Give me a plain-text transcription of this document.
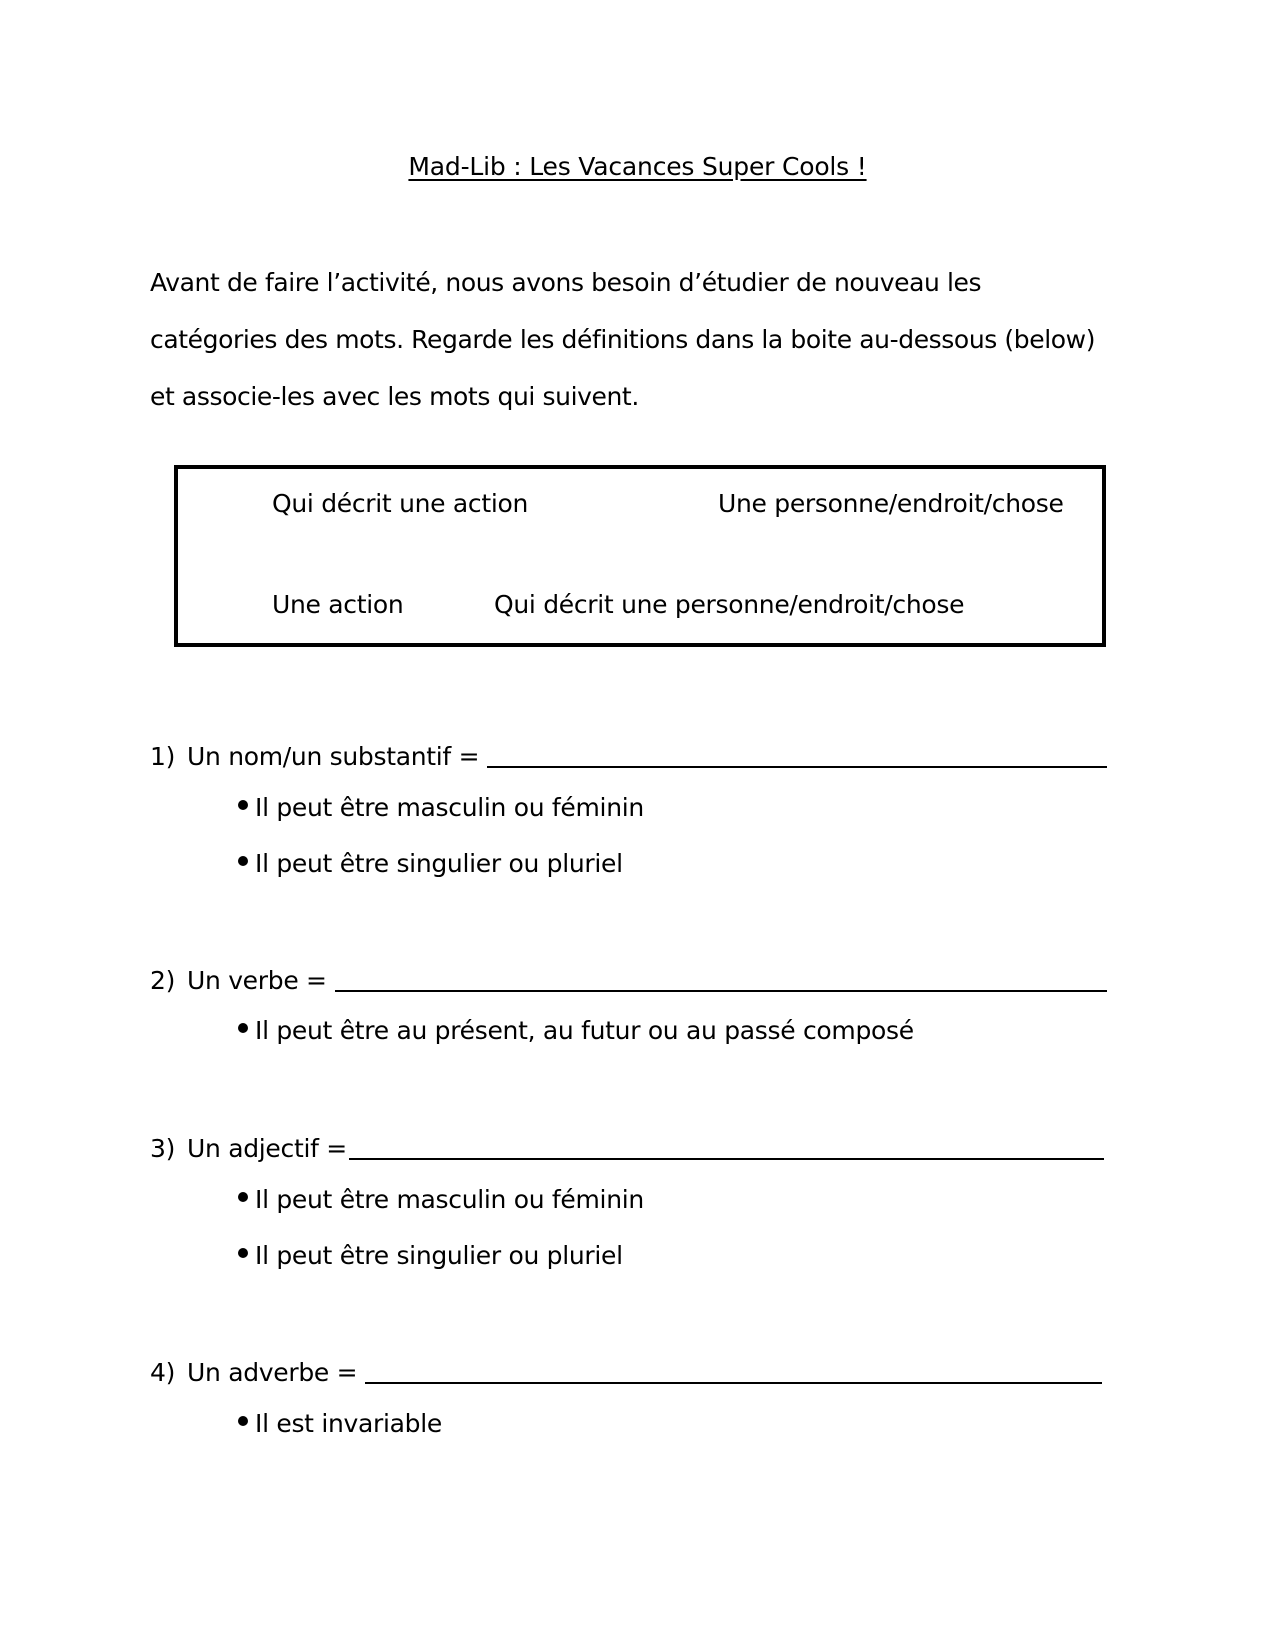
Mad-Lib : Les Vacances Super Cools !
Avant de faire l’activité, nous avons besoin d’étudier de nouveau les
catégories des mots. Regarde les définitions dans la boite au-dessous (below)
et associe-les avec les mots qui suivent.
Qui décrit une action	Une personne/endroit/chose
Une action	Qui décrit une personne/endroit/chose
1) Un nom/un substantif =
Il peut être masculin ou féminin
Il peut être singulier ou pluriel
2) Un verbe =
Il peut être au présent, au futur ou au passé composé
3) Un adjectif =
Il peut être masculin ou féminin
Il peut être singulier ou pluriel
4) Un adverbe =
Il est invariable
